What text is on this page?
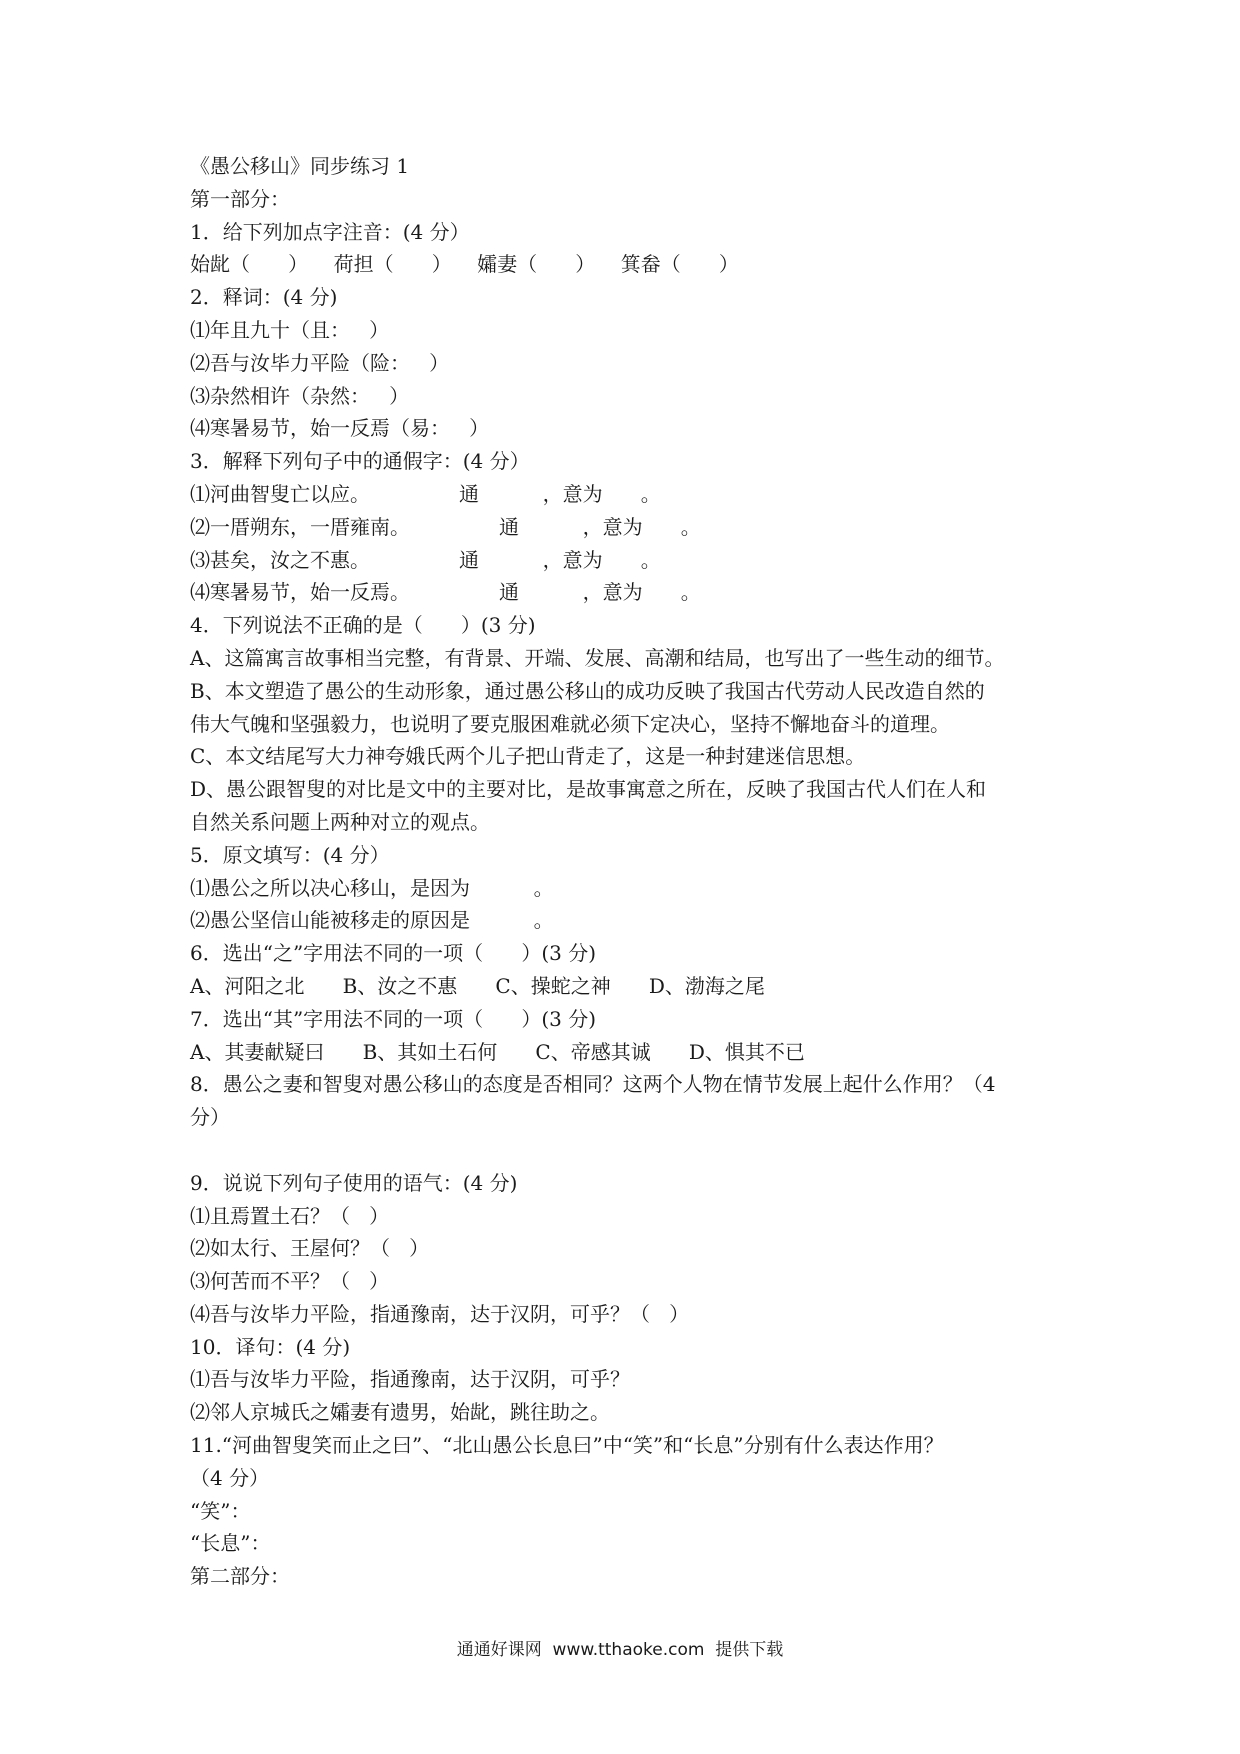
《愚公移山》同步练习 1
第一部分：
1．给下列加点字注音：(4 分）
始龀（      ）    荷担（      ）    孀妻（      ）    箕畚（      ）
2．释词：(4 分)
⑴年且九十（且：   ）
⑵吾与汝毕力平险（险：   ）
⑶杂然相许（杂然：   ）
⑷寒暑易节，始一反焉（易：   ）
3．解释下列句子中的通假字：(4 分）
⑴河曲智叟亡以应。              通          ，意为      。
⑵一厝朔东，一厝雍南。              通          ，意为      。
⑶甚矣，汝之不惠。              通          ，意为      。
⑷寒暑易节，始一反焉。              通          ，意为      。
4．下列说法不正确的是（      ）(3 分)
A、这篇寓言故事相当完整，有背景、开端、发展、高潮和结局，也写出了一些生动的细节。
B、本文塑造了愚公的生动形象，通过愚公移山的成功反映了我国古代劳动人民改造自然的
伟大气魄和坚强毅力，也说明了要克服困难就必须下定决心，坚持不懈地奋斗的道理。
C、本文结尾写大力神夸娥氏两个儿子把山背走了，这是一种封建迷信思想。
D、愚公跟智叟的对比是文中的主要对比，是故事寓意之所在，反映了我国古代人们在人和
自然关系问题上两种对立的观点。
5．原文填写：(4 分）
⑴愚公之所以决心移山，是因为          。
⑵愚公坚信山能被移走的原因是          。
6．选出“之”字用法不同的一项（      ）(3 分)
A、河阳之北      B、汝之不惠      C、操蛇之神      D、渤海之尾
7．选出“其”字用法不同的一项（      ）(3 分)
A、其妻献疑曰      B、其如土石何      C、帝感其诚      D、惧其不已
8．愚公之妻和智叟对愚公移山的态度是否相同？这两个人物在情节发展上起什么作用？（4
分）
9．说说下列句子使用的语气：(4 分)
⑴且焉置土石？（   ）
⑵如太行、王屋何？（   ）
⑶何苦而不平？（   ）
⑷吾与汝毕力平险，指通豫南，达于汉阴，可乎？（   ）
10．译句：(4 分)
⑴吾与汝毕力平险，指通豫南，达于汉阴，可乎？
⑵邻人京城氏之孀妻有遗男，始龀，跳往助之。
11.“河曲智叟笑而止之曰”、“北山愚公长息曰”中“笑”和“长息”分别有什么表达作用？
（4 分）
“笑”：
“长息”：
第二部分：
通通好课网  www.tthaoke.com  提供下载
